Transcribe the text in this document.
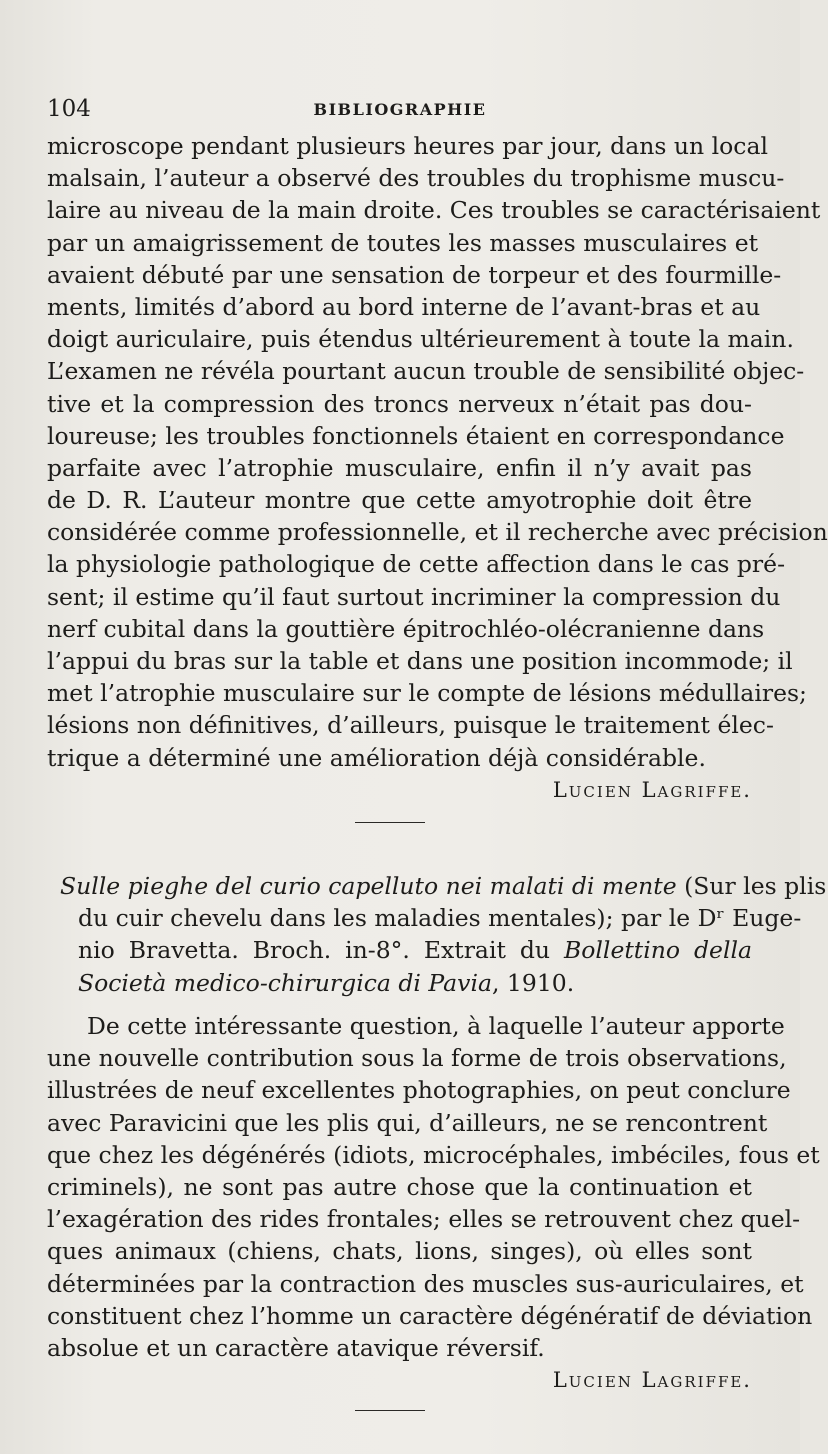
104	BIBLIOGRAPHIE
microscope pendant plusieurs heures par jour, dans un local
malsain, l’auteur a observé des troubles du trophisme muscu-
laire au niveau de la main droite. Ces troubles se caractérisaient
par un amaigrissement de toutes les masses musculaires et
avaient débuté par une sensation de torpeur et des fourmille-
ments, limités d’abord au bord interne de l’avant-bras et au
doigt auriculaire, puis étendus ultérieurement à toute la main.
L’examen ne révéla pourtant aucun trouble de sensibilité objec-
tive et la compression des troncs nerveux n’était pas dou-
loureuse; les troubles fonctionnels étaient en correspondance
parfaite avec l’atrophie musculaire, enfin il n’y avait pas
de D. R. L’auteur montre que cette amyotrophie doit être
considérée comme professionnelle, et il recherche avec précision
la physiologie pathologique de cette affection dans le cas pré-
sent; il estime qu’il faut surtout incriminer la compression du
nerf cubital dans la gouttière épitrochléo-olécranienne dans
l’appui du bras sur la table et dans une position incommode; il
met l’atrophie musculaire sur le compte de lésions médullaires;
lésions non définitives, d’ailleurs, puisque le traitement élec-
trique a déterminé une amélioration déjà considérable.
Lucien Lagriffe.
Sulle pieghe del curio capelluto nei malati di mente (Sur les plis
du cuir chevelu dans les maladies mentales); par le Dʳ Euge-
nio Bravetta. Broch. in-8°. Extrait du Bollettino della
Società medico-chirurgica di Pavia, 1910.
De cette intéressante question, à laquelle l’auteur apporte
une nouvelle contribution sous la forme de trois observations,
illustrées de neuf excellentes photographies, on peut conclure
avec Paravicini que les plis qui, d’ailleurs, ne se rencontrent
que chez les dégénérés (idiots, microcéphales, imbéciles, fous et
criminels), ne sont pas autre chose que la continuation et
l’exagération des rides frontales; elles se retrouvent chez quel-
ques animaux (chiens, chats, lions, singes), où elles sont
déterminées par la contraction des muscles sus-auriculaires, et
constituent chez l’homme un caractère dégénératif de déviation
absolue et un caractère atavique réversif.
Lucien Lagriffe.
